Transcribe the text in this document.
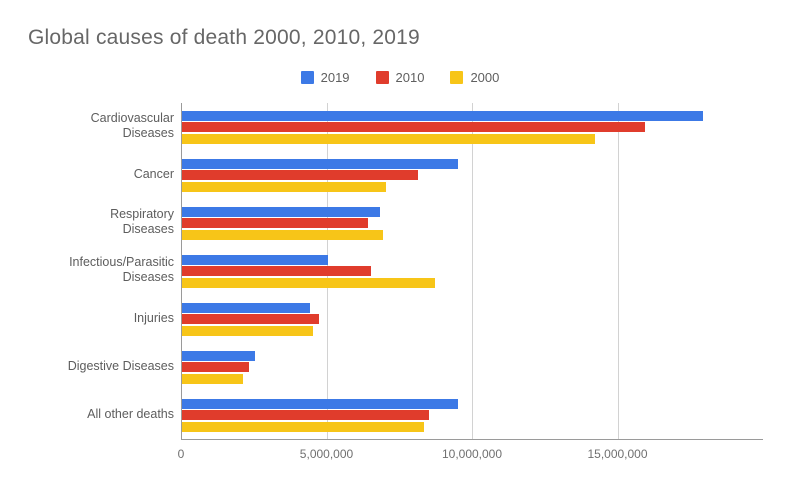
Global causes of death 2000, 2010, 2019
2019	2010	2000
0	5,000,000	10,000,000	15,000,000
Cardiovascular
Diseases
Cancer
Respiratory
Diseases
Infectious/Parasitic
Diseases
Injuries
Digestive Diseases
All other deaths
